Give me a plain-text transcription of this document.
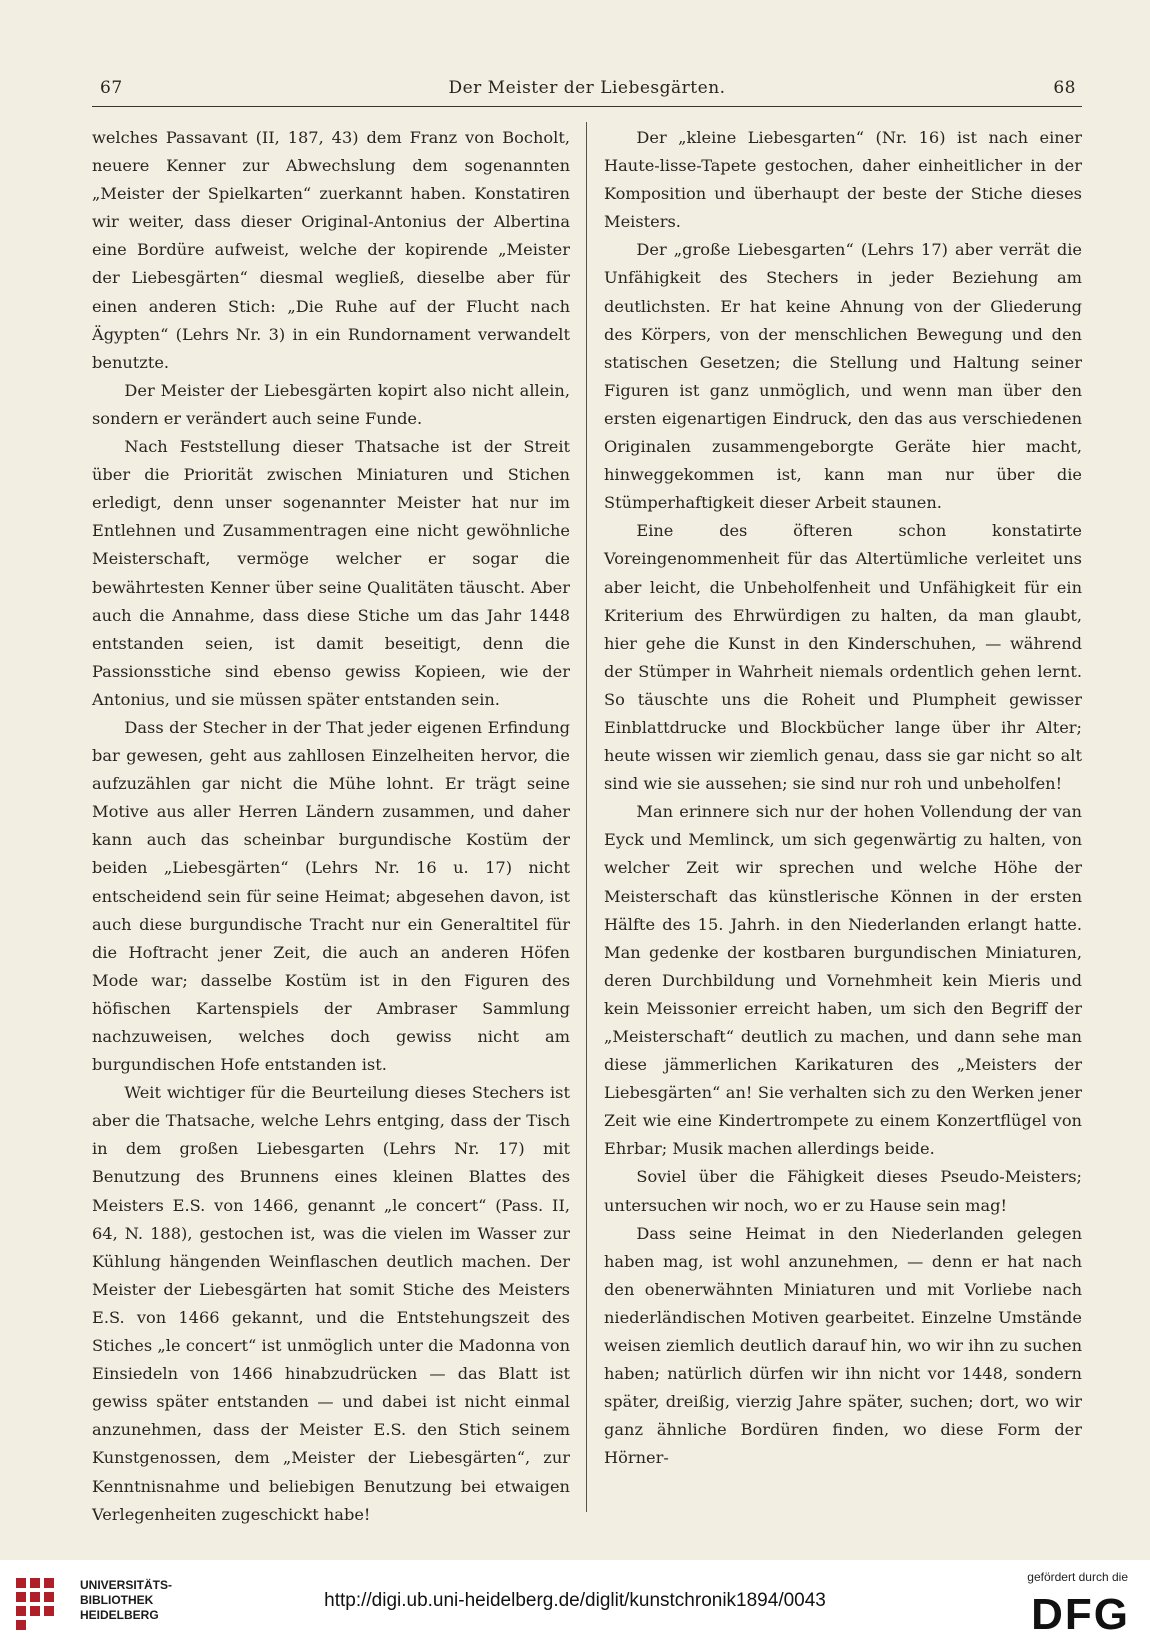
67	Der Meister der Liebesgärten.	68

welches Passavant (II, 187, 43) dem Franz von Bocholt, neuere Kenner zur Abwechslung dem sogenannten „Meister der Spielkarten“ zuerkannt haben. Konstatiren wir weiter, dass dieser Original-Antonius der Albertina eine Bordüre aufweist, welche der kopirende „Meister der Liebesgärten“ diesmal wegließ, dieselbe aber für einen anderen Stich: „Die Ruhe auf der Flucht nach Ägypten“ (Lehrs Nr. 3) in ein Rundornament verwandelt benutzte.

Der Meister der Liebesgärten kopirt also nicht allein, sondern er verändert auch seine Funde.

Nach Feststellung dieser Thatsache ist der Streit über die Priorität zwischen Miniaturen und Stichen erledigt, denn unser sogenannter Meister hat nur im Entlehnen und Zusammentragen eine nicht gewöhnliche Meisterschaft, vermöge welcher er sogar die bewährtesten Kenner über seine Qualitäten täuscht. Aber auch die Annahme, dass diese Stiche um das Jahr 1448 entstanden seien, ist damit beseitigt, denn die Passionsstiche sind ebenso gewiss Kopieen, wie der Antonius, und sie müssen später entstanden sein.

Dass der Stecher in der That jeder eigenen Erfindung bar gewesen, geht aus zahllosen Einzelheiten hervor, die aufzuzählen gar nicht die Mühe lohnt. Er trägt seine Motive aus aller Herren Ländern zusammen, und daher kann auch das scheinbar burgundische Kostüm der beiden „Liebesgärten“ (Lehrs Nr. 16 u. 17) nicht entscheidend sein für seine Heimat; abgesehen davon, ist auch diese burgundische Tracht nur ein Generaltitel für die Hoftracht jener Zeit, die auch an anderen Höfen Mode war; dasselbe Kostüm ist in den Figuren des höfischen Kartenspiels der Ambraser Sammlung nachzuweisen, welches doch gewiss nicht am burgundischen Hofe entstanden ist.

Weit wichtiger für die Beurteilung dieses Stechers ist aber die Thatsache, welche Lehrs entging, dass der Tisch in dem großen Liebesgarten (Lehrs Nr. 17) mit Benutzung des Brunnens eines kleinen Blattes des Meisters E.S. von 1466, genannt „le concert“ (Pass. II, 64, N. 188), gestochen ist, was die vielen im Wasser zur Kühlung hängenden Weinflaschen deutlich machen. Der Meister der Liebesgärten hat somit Stiche des Meisters E.S. von 1466 gekannt, und die Entstehungszeit des Stiches „le concert“ ist unmöglich unter die Madonna von Einsiedeln von 1466 hinabzudrücken — das Blatt ist gewiss später entstanden — und dabei ist nicht einmal anzunehmen, dass der Meister E.S. den Stich seinem Kunstgenossen, dem „Meister der Liebesgärten“, zur Kenntnisnahme und beliebigen Benutzung bei etwaigen Verlegenheiten zugeschickt habe!

Der „kleine Liebesgarten“ (Nr. 16) ist nach einer Haute-lisse-Tapete gestochen, daher einheitlicher in der Komposition und überhaupt der beste der Stiche dieses Meisters.

Der „große Liebesgarten“ (Lehrs 17) aber verrät die Unfähigkeit des Stechers in jeder Beziehung am deutlichsten. Er hat keine Ahnung von der Gliederung des Körpers, von der menschlichen Bewegung und den statischen Gesetzen; die Stellung und Haltung seiner Figuren ist ganz unmöglich, und wenn man über den ersten eigenartigen Eindruck, den das aus verschiedenen Originalen zusammengeborgte Geräte hier macht, hinweggekommen ist, kann man nur über die Stümperhaftigkeit dieser Arbeit staunen.

Eine des öfteren schon konstatirte Voreingenommenheit für das Altertümliche verleitet uns aber leicht, die Unbeholfenheit und Unfähigkeit für ein Kriterium des Ehrwürdigen zu halten, da man glaubt, hier gehe die Kunst in den Kinderschuhen, — während der Stümper in Wahrheit niemals ordentlich gehen lernt. So täuschte uns die Roheit und Plumpheit gewisser Einblattdrucke und Blockbücher lange über ihr Alter; heute wissen wir ziemlich genau, dass sie gar nicht so alt sind wie sie aussehen; sie sind nur roh und unbeholfen!

Man erinnere sich nur der hohen Vollendung der van Eyck und Memlinck, um sich gegenwärtig zu halten, von welcher Zeit wir sprechen und welche Höhe der Meisterschaft das künstlerische Können in der ersten Hälfte des 15. Jahrh. in den Niederlanden erlangt hatte. Man gedenke der kostbaren burgundischen Miniaturen, deren Durchbildung und Vornehmheit kein Mieris und kein Meissonier erreicht haben, um sich den Begriff der „Meisterschaft“ deutlich zu machen, und dann sehe man diese jämmerlichen Karikaturen des „Meisters der Liebesgärten“ an! Sie verhalten sich zu den Werken jener Zeit wie eine Kindertrompete zu einem Konzertflügel von Ehrbar; Musik machen allerdings beide.

Soviel über die Fähigkeit dieses Pseudo-Meisters; untersuchen wir noch, wo er zu Hause sein mag!

Dass seine Heimat in den Niederlanden gelegen haben mag, ist wohl anzunehmen, — denn er hat nach den obenerwähnten Miniaturen und mit Vorliebe nach niederländischen Motiven gearbeitet. Einzelne Umstände weisen ziemlich deutlich darauf hin, wo wir ihn zu suchen haben; natürlich dürfen wir ihn nicht vor 1448, sondern später, dreißig, vierzig Jahre später, suchen; dort, wo wir ganz ähnliche Bordüren finden, wo diese Form der Hörner-

UNIVERSITÄTS-
BIBLIOTHEK
HEIDELBERG
http://digi.ub.uni-heidelberg.de/diglit/kunstchronik1894/0043
gefördert durch die
DFG
